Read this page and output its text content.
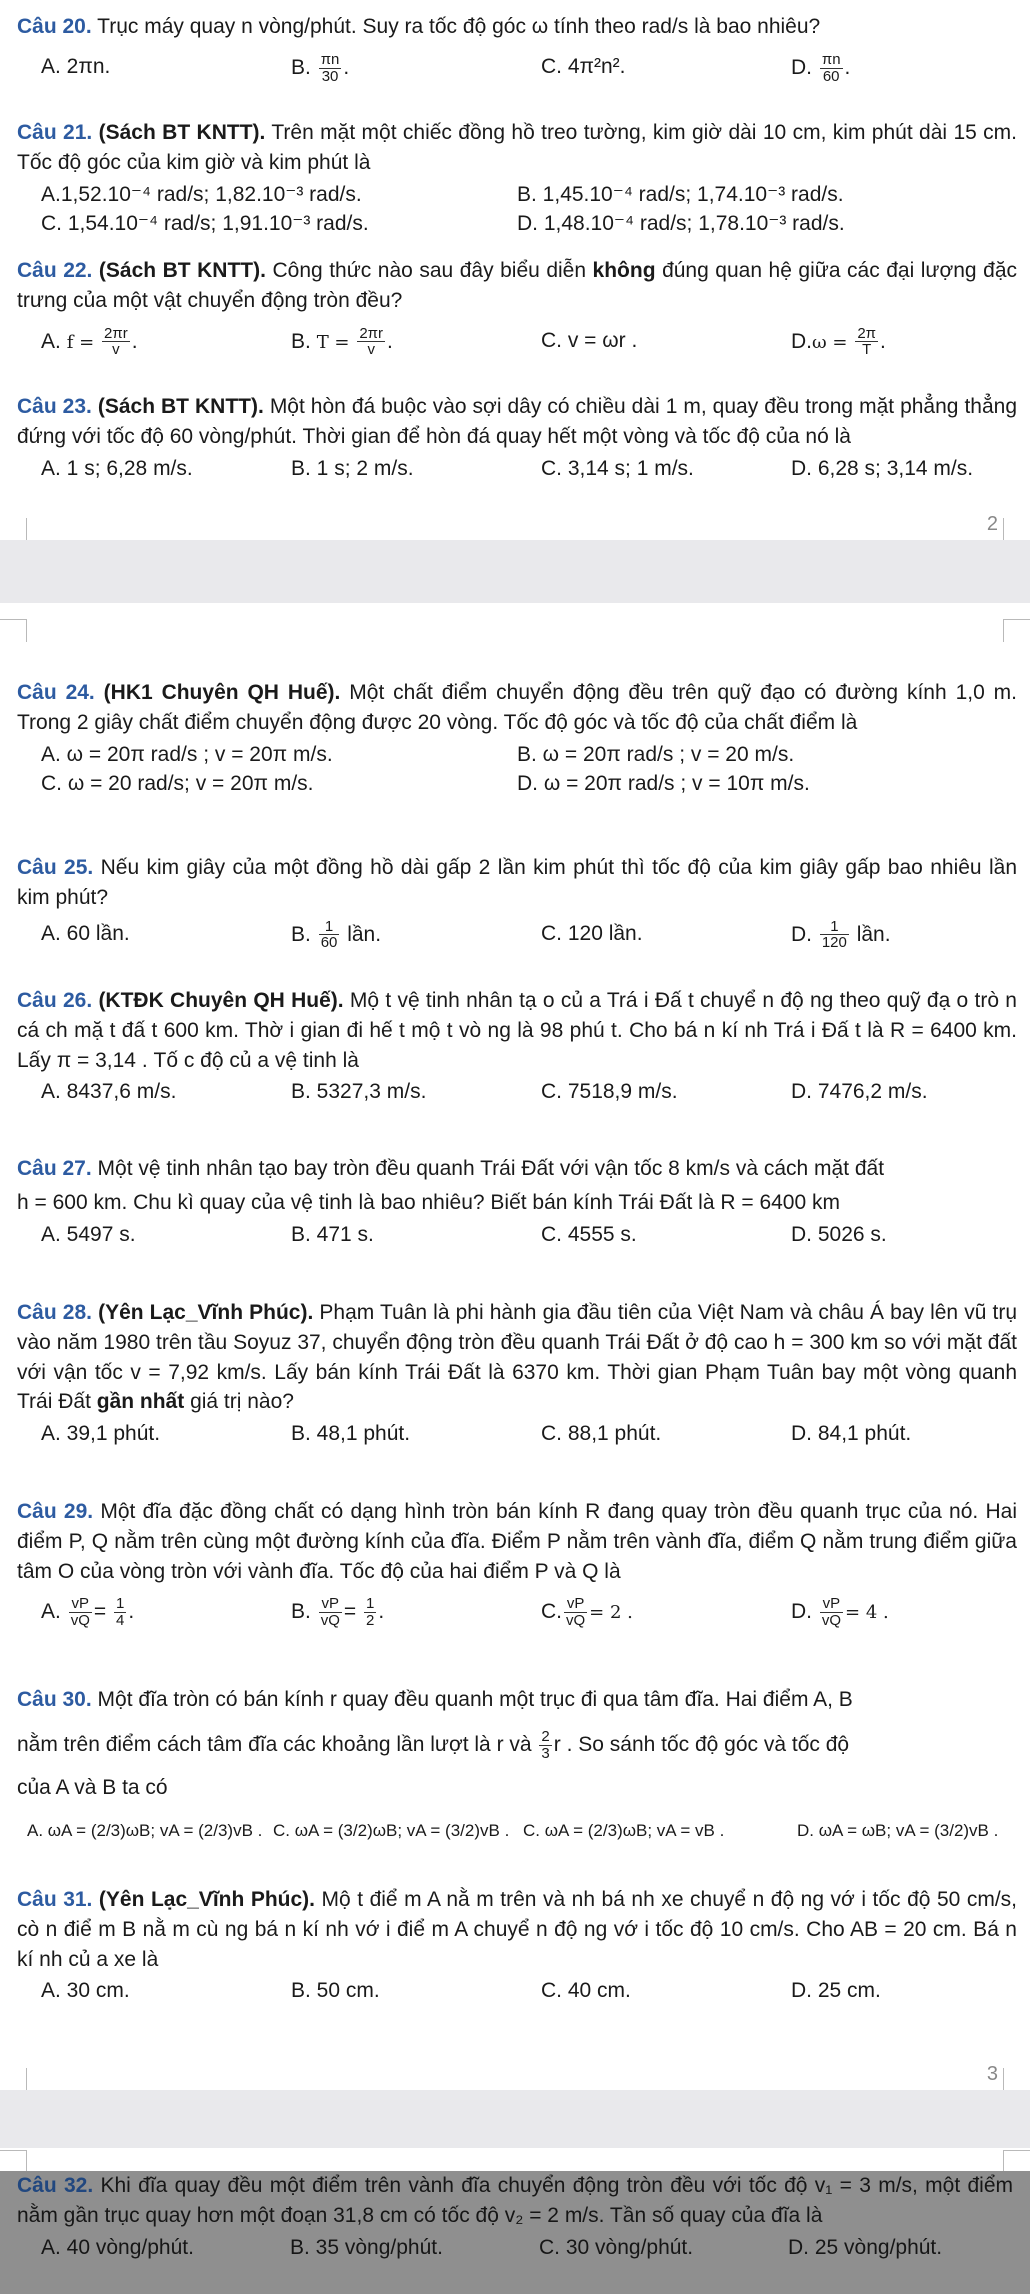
Câu 20. Trục máy quay n vòng/phút. Suy ra tốc độ góc ω tính theo rad/s là bao nhiêu?

A. 2πn.	B. $\frac{\pi n}{30}$ .	C. 4π²n².	D. $\frac{\pi n}{60}$ .

Câu 21. (Sách BT KNTT). Trên mặt một chiếc đồng hồ treo tường, kim giờ dài 10 cm, kim phút dài 15 cm. Tốc độ góc của kim giờ và kim phút là

A.1,52.10⁻⁴ rad/s; 1,82.10⁻³ rad/s.	B. 1,45.10⁻⁴ rad/s; 1,74.10⁻³ rad/s.
C. 1,54.10⁻⁴ rad/s; 1,91.10⁻³ rad/s.	D. 1,48.10⁻⁴ rad/s; 1,78.10⁻³ rad/s.

Câu 22. (Sách BT KNTT). Công thức nào sau đây biểu diễn không đúng quan hệ giữa các đại lượng đặc trưng của một vật chuyển động tròn đều?

A. $f = \frac{2\pi r}{v}$ .	B. $T = \frac{2\pi r}{v}$ .	C. v = ωr .	$D.\omega = \frac{2\pi}{T}$ .

Câu 23. (Sách BT KNTT). Một hòn đá buộc vào sợi dây có chiều dài 1 m, quay đều trong mặt phẳng thẳng đứng với tốc độ 60 vòng/phút. Thời gian để hòn đá quay hết một vòng và tốc độ của nó là

A. 1 s; 6,28 m/s.	B. 1 s; 2 m/s.	C. 3,14 s; 1 m/s.	D. 6,28 s; 3,14 m/s.
2

Câu 24. (HK1 Chuyên QH Huế). Một chất điểm chuyển động đều trên quỹ đạo có đường kính 1,0 m. Trong 2 giây chất điểm chuyển động được 20 vòng. Tốc độ góc và tốc độ của chất điểm là

A. ω = 20π rad/s ; v = 20π m/s.	B. ω = 20π rad/s ; v = 20 m/s.
C. ω = 20 rad/s; v = 20π m/s.	D. ω = 20π rad/s ; v = 10π m/s.

Câu 25. Nếu kim giây của một đồng hồ dài gấp 2 lần kim phút thì tốc độ của kim giây gấp bao nhiêu lần kim phút?

A. 60 lần.	B. $\frac{1}{60}$ lần.	C. 120 lần.	D. $\frac{1}{120}$ lần.

Câu 26. (KTĐK Chuyên QH Huế). Mộ t vệ tinh nhân tạ o củ a Trá i Đấ t chuyể n độ ng theo quỹ đạ o trò n cá ch mặ t đấ t 600 km. Thờ i gian đi hế t mộ t vò ng là 98 phú t. Cho bá n kí nh Trá i Đấ t là R = 6400 km. Lấy π = 3,14 . Tố c độ củ a vệ tinh là

A. 8437,6 m/s.	B. 5327,3 m/s.	C. 7518,9 m/s.	D. 7476,2 m/s.

Câu 27. Một vệ tinh nhân tạo bay tròn đều quanh Trái Đất với vận tốc 8 km/s và cách mặt đất

h = 600 km. Chu kì quay của vệ tinh là bao nhiêu? Biết bán kính Trái Đất là R = 6400 km

A. 5497 s.	B. 471 s.	C. 4555 s.	D. 5026 s.

Câu 28. (Yên Lạc_Vĩnh Phúc). Phạm Tuân là phi hành gia đầu tiên của Việt Nam và châu Á bay lên vũ trụ vào năm 1980 trên tầu Soyuz 37, chuyển động tròn đều quanh Trái Đất ở độ cao h = 300 km so với mặt đất với vận tốc v = 7,92 km/s. Lấy bán kính Trái Đất là 6370 km. Thời gian Phạm Tuân bay một vòng quanh Trái Đất gần nhất giá trị nào?

A. 39,1 phút.	B. 48,1 phút.	C. 88,1 phút.	D. 84,1 phút.

Câu 29. Một đĩa đặc đồng chất có dạng hình tròn bán kính R đang quay tròn đều quanh trục của nó. Hai điểm P, Q nằm trên cùng một đường kính của đĩa. Điểm P nằm trên vành đĩa, điểm Q nằm trung điểm giữa tâm O của vòng tròn với vành đĩa. Tốc độ của hai điểm P và Q là

A. $\frac{vP}{vQ} = \frac{1}{4}$ .	B. $\frac{vP}{vQ} = \frac{1}{2}$ .	C. $\frac{vP}{vQ} = 2$ .	D. $\frac{vP}{vQ} = 4$ .

Câu 30. Một đĩa tròn có bán kính r quay đều quanh một trục đi qua tâm đĩa. Hai điểm A, B

nằm trên điểm cách tâm đĩa các khoảng lần lượt là r và $\frac{2}{3}$ r . So sánh tốc độ góc và tốc độ

của A và B ta có

A. ωA = (2/3)ωB; vA = (2/3)vB . C. ωA = (3/2)ωB; vA = (3/2)vB . C. ωA = (2/3)ωB; vA = vB .	D. ωA = ωB; vA = (3/2)vB .

Câu 31. (Yên Lạc_Vĩnh Phúc). Mộ t điể m A nằ m trên và nh bá nh xe chuyể n độ ng vớ i tốc độ 50 cm/s, cò n điể m B nằ m cù ng bá n kí nh vớ i điể m A chuyể n độ ng vớ i tốc độ 10 cm/s. Cho AB = 20 cm. Bá n kí nh củ a xe là

A. 30 cm.	B. 50 cm.	C. 40 cm.	D. 25 cm.
3

Câu 32. Khi đĩa quay đều một điểm trên vành đĩa chuyển động tròn đều với tốc độ v₁ = 3 m/s, một điểm nằm gần trục quay hơn một đoạn 31,8 cm có tốc độ v₂ = 2 m/s. Tần số quay của đĩa là

A. 40 vòng/phút.	B. 35 vòng/phút.	C. 30 vòng/phút.	D. 25 vòng/phút.
